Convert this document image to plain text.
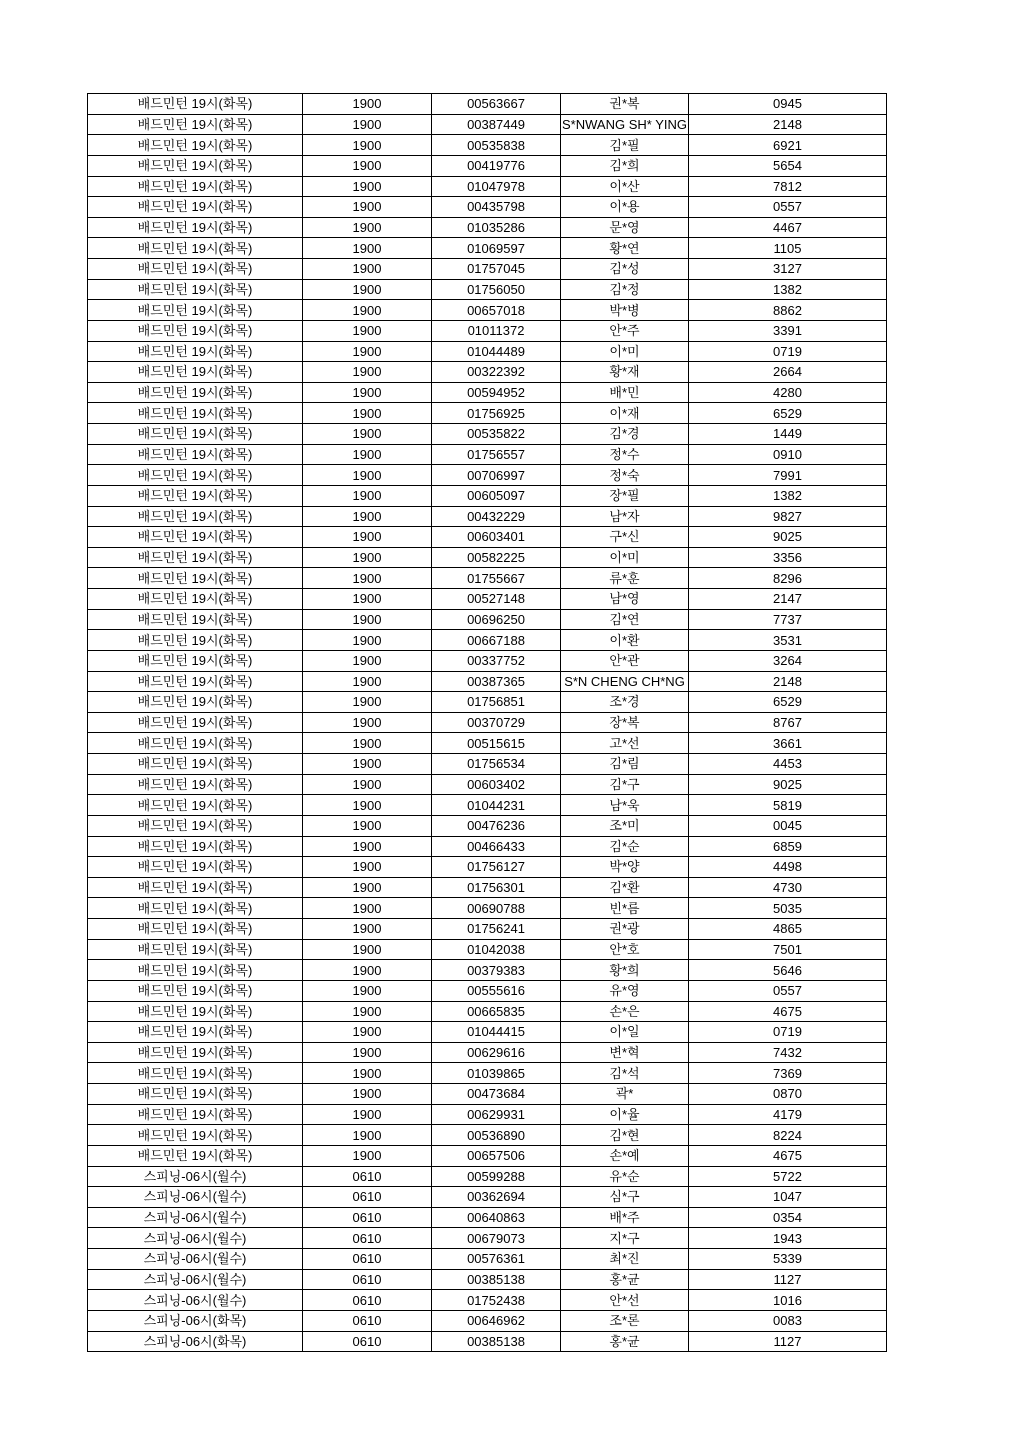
배드민턴 19시(화목)	1900	00563667	권*복	0945
배드민턴 19시(화목)	1900	00387449	S*NWANG SH* YING	2148
배드민턴 19시(화목)	1900	00535838	김*필	6921
배드민턴 19시(화목)	1900	00419776	김*희	5654
배드민턴 19시(화목)	1900	01047978	이*산	7812
배드민턴 19시(화목)	1900	00435798	이*용	0557
배드민턴 19시(화목)	1900	01035286	문*영	4467
배드민턴 19시(화목)	1900	01069597	황*연	1105
배드민턴 19시(화목)	1900	01757045	김*성	3127
배드민턴 19시(화목)	1900	01756050	김*정	1382
배드민턴 19시(화목)	1900	00657018	박*병	8862
배드민턴 19시(화목)	1900	01011372	안*주	3391
배드민턴 19시(화목)	1900	01044489	이*미	0719
배드민턴 19시(화목)	1900	00322392	황*재	2664
배드민턴 19시(화목)	1900	00594952	배*민	4280
배드민턴 19시(화목)	1900	01756925	이*재	6529
배드민턴 19시(화목)	1900	00535822	김*경	1449
배드민턴 19시(화목)	1900	01756557	정*수	0910
배드민턴 19시(화목)	1900	00706997	정*숙	7991
배드민턴 19시(화목)	1900	00605097	장*필	1382
배드민턴 19시(화목)	1900	00432229	남*자	9827
배드민턴 19시(화목)	1900	00603401	구*신	9025
배드민턴 19시(화목)	1900	00582225	이*미	3356
배드민턴 19시(화목)	1900	01755667	류*훈	8296
배드민턴 19시(화목)	1900	00527148	남*영	2147
배드민턴 19시(화목)	1900	00696250	김*연	7737
배드민턴 19시(화목)	1900	00667188	이*환	3531
배드민턴 19시(화목)	1900	00337752	안*관	3264
배드민턴 19시(화목)	1900	00387365	S*N CHENG CH*NG	2148
배드민턴 19시(화목)	1900	01756851	조*경	6529
배드민턴 19시(화목)	1900	00370729	장*복	8767
배드민턴 19시(화목)	1900	00515615	고*선	3661
배드민턴 19시(화목)	1900	01756534	김*림	4453
배드민턴 19시(화목)	1900	00603402	김*구	9025
배드민턴 19시(화목)	1900	01044231	남*욱	5819
배드민턴 19시(화목)	1900	00476236	조*미	0045
배드민턴 19시(화목)	1900	00466433	김*순	6859
배드민턴 19시(화목)	1900	01756127	박*양	4498
배드민턴 19시(화목)	1900	01756301	김*환	4730
배드민턴 19시(화목)	1900	00690788	빈*름	5035
배드민턴 19시(화목)	1900	01756241	권*광	4865
배드민턴 19시(화목)	1900	01042038	안*호	7501
배드민턴 19시(화목)	1900	00379383	황*희	5646
배드민턴 19시(화목)	1900	00555616	유*영	0557
배드민턴 19시(화목)	1900	00665835	손*은	4675
배드민턴 19시(화목)	1900	01044415	이*일	0719
배드민턴 19시(화목)	1900	00629616	변*혁	7432
배드민턴 19시(화목)	1900	01039865	김*석	7369
배드민턴 19시(화목)	1900	00473684	곽*	0870
배드민턴 19시(화목)	1900	00629931	이*율	4179
배드민턴 19시(화목)	1900	00536890	김*현	8224
배드민턴 19시(화목)	1900	00657506	손*예	4675
스피닝-06시(월수)	0610	00599288	유*순	5722
스피닝-06시(월수)	0610	00362694	심*구	1047
스피닝-06시(월수)	0610	00640863	배*주	0354
스피닝-06시(월수)	0610	00679073	지*구	1943
스피닝-06시(월수)	0610	00576361	최*진	5339
스피닝-06시(월수)	0610	00385138	홍*균	1127
스피닝-06시(월수)	0610	01752438	안*선	1016
스피닝-06시(화목)	0610	00646962	조*론	0083
스피닝-06시(화목)	0610	00385138	홍*균	1127
